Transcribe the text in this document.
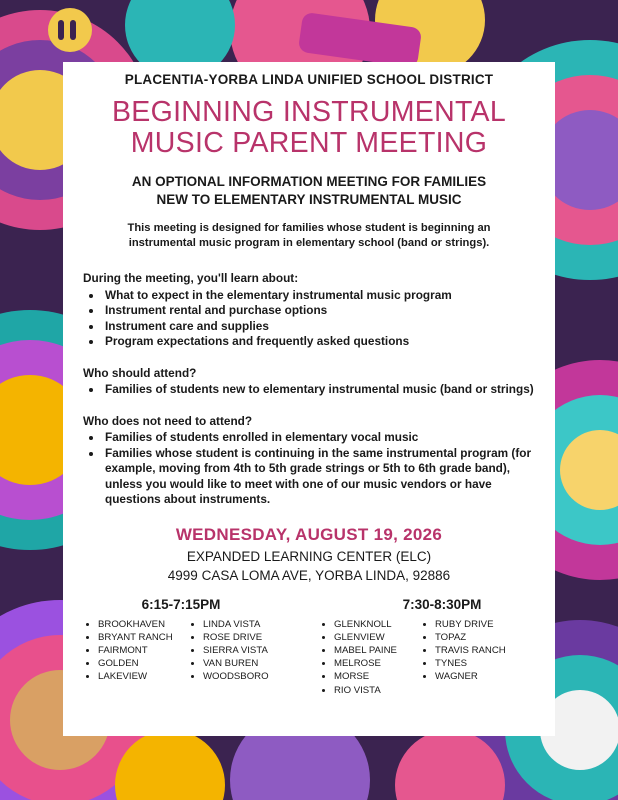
PLACENTIA-YORBA LINDA UNIFIED SCHOOL DISTRICT
BEGINNING INSTRUMENTAL
MUSIC PARENT MEETING
AN OPTIONAL INFORMATION MEETING FOR FAMILIES
NEW TO ELEMENTARY INSTRUMENTAL MUSIC
This meeting is designed for families whose student is beginning an instrumental music program in elementary school (band or strings).
During the meeting, you'll learn about:
• What to expect in the elementary instrumental music program
• Instrument rental and purchase options
• Instrument care and supplies
• Program expectations and frequently asked questions
Who should attend?
• Families of students new to elementary instrumental music (band or strings)
Who does not need to attend?
• Families of students enrolled in elementary vocal music
• Families whose student is continuing in the same instrumental program (for example, moving from 4th to 5th grade strings or 5th to 6th grade band), unless you would like to meet with one of our music vendors or have questions about instruments.
WEDNESDAY, AUGUST 19, 2026
EXPANDED LEARNING CENTER (ELC)
4999 CASA LOMA AVE, YORBA LINDA, 92886
6:15-7:15PM
• BROOKHAVEN
• BRYANT RANCH
• FAIRMONT
• GOLDEN
• LAKEVIEW
• LINDA VISTA
• ROSE DRIVE
• SIERRA VISTA
• VAN BUREN
• WOODSBORO
7:30-8:30PM
• GLENKNOLL
• GLENVIEW
• MABEL PAINE
• MELROSE
• MORSE
• RIO VISTA
• RUBY DRIVE
• TOPAZ
• TRAVIS RANCH
• TYNES
• WAGNER
